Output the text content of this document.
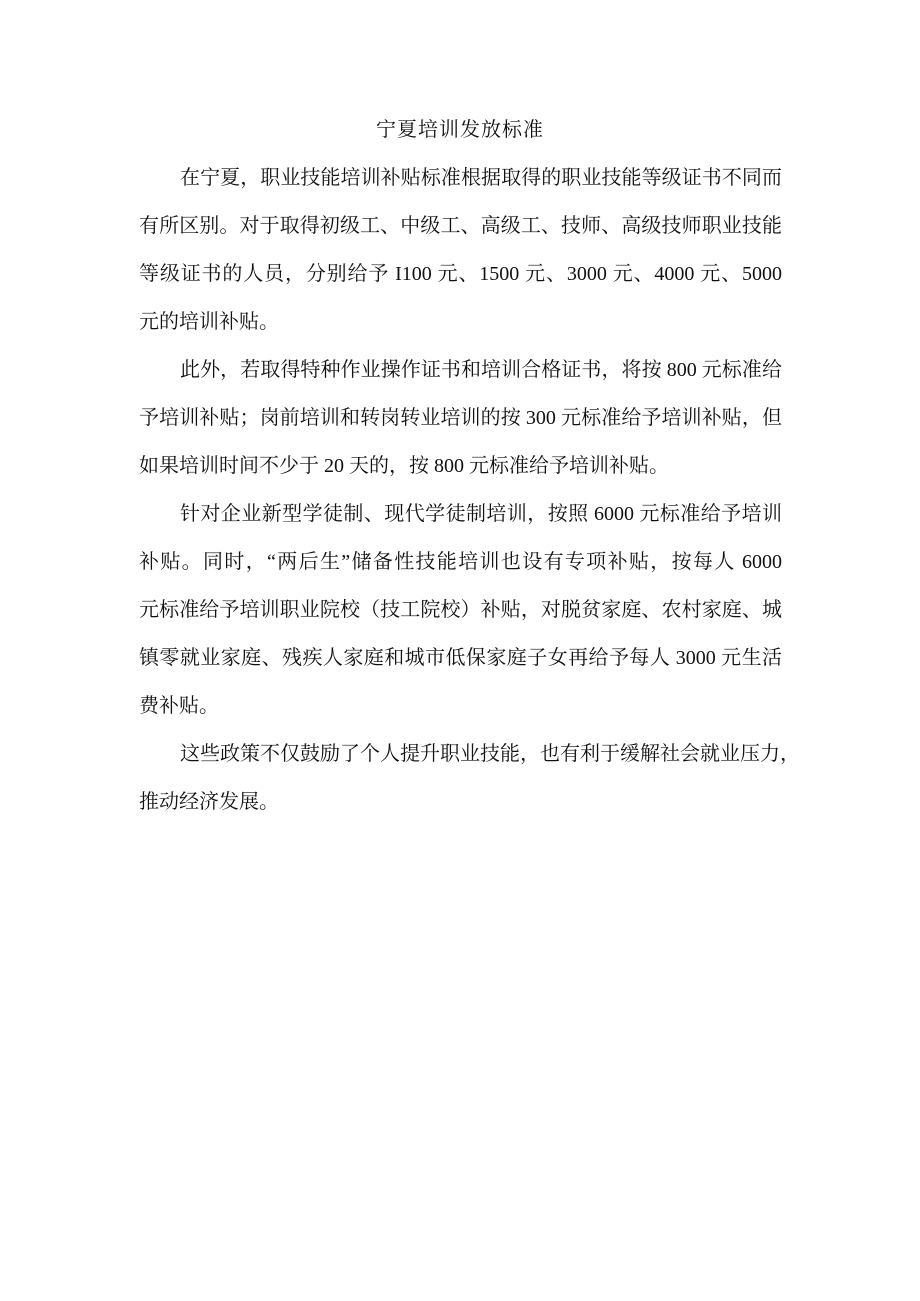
宁夏培训发放标准
在宁夏，职业技能培训补贴标准根据取得的职业技能等级证书不同而
有所区别。对于取得初级工、中级工、高级工、技师、高级技师职业技能
等级证书的人员，分别给予 I100 元、1500 元、3000 元、4000 元、5000
元的培训补贴。
此外，若取得特种作业操作证书和培训合格证书，将按 800 元标准给
予培训补贴；岗前培训和转岗转业培训的按 300 元标准给予培训补贴，但
如果培训时间不少于 20 天的，按 800 元标准给予培训补贴。
针对企业新型学徒制、现代学徒制培训，按照 6000 元标准给予培训
补贴。同时，“两后生”储备性技能培训也设有专项补贴，按每人 6000
元标准给予培训职业院校（技工院校）补贴，对脱贫家庭、农村家庭、城
镇零就业家庭、残疾人家庭和城市低保家庭子女再给予每人 3000 元生活
费补贴。
这些政策不仅鼓励了个人提升职业技能，也有利于缓解社会就业压力，
推动经济发展。
